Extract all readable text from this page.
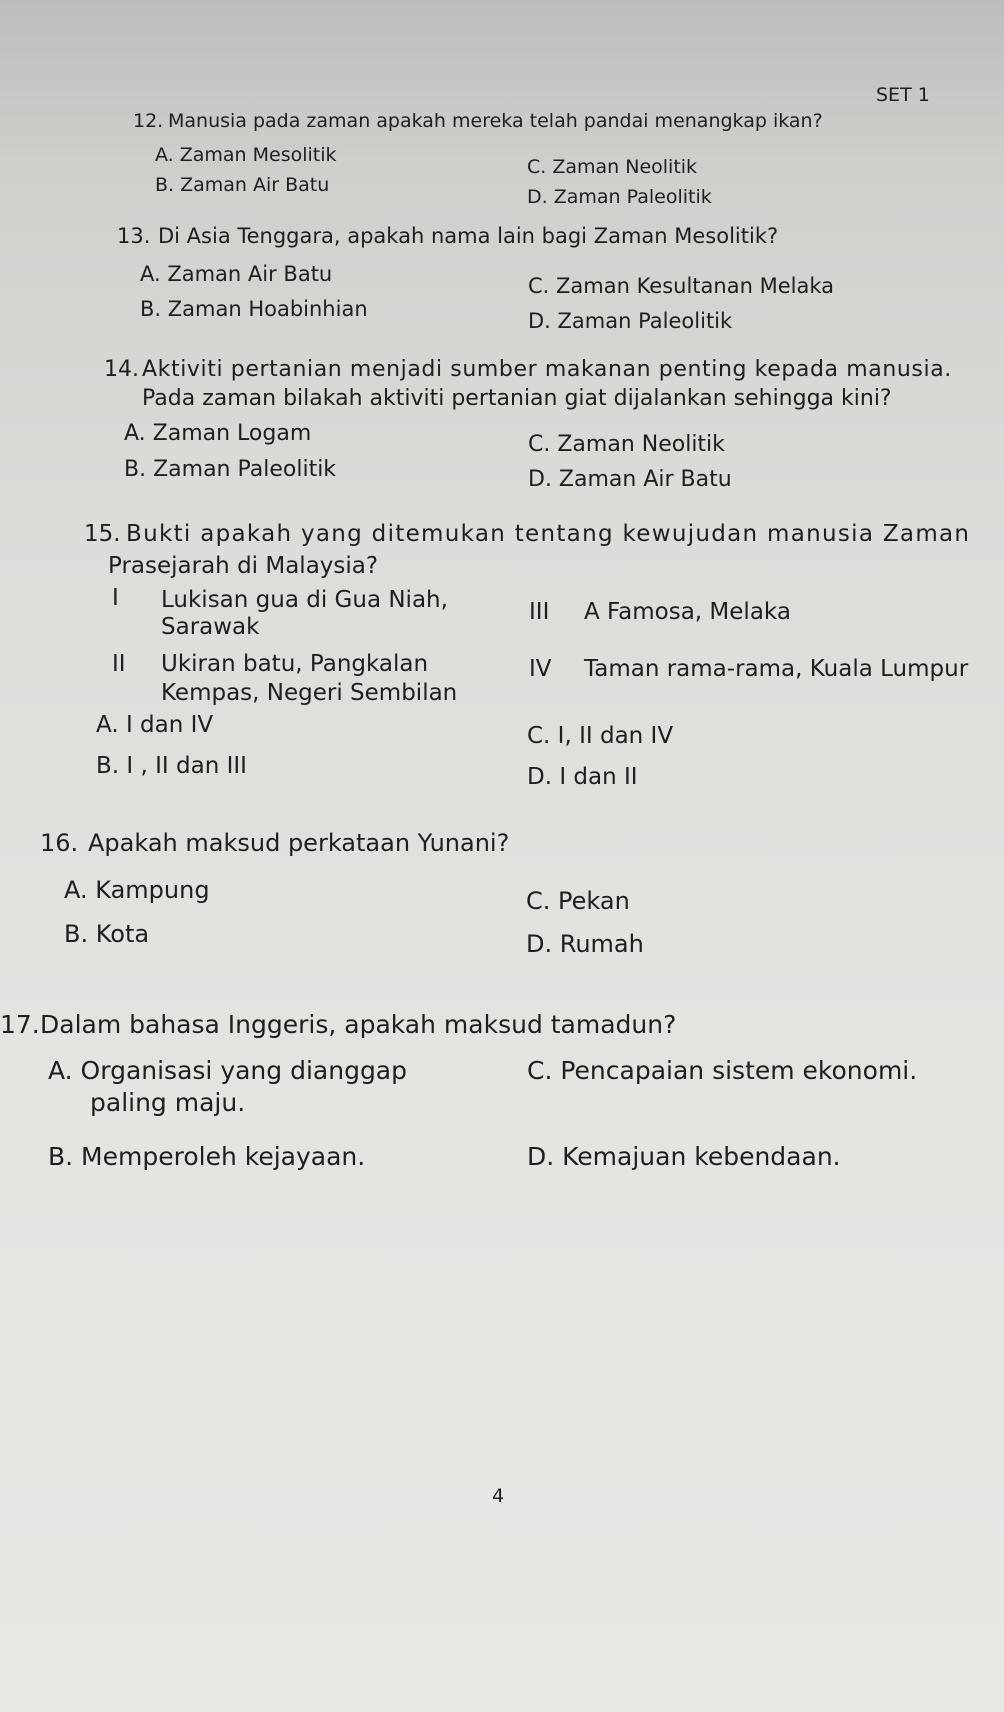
SET 1
12. Manusia pada zaman apakah mereka telah pandai menangkap ikan?
A. Zaman Mesolitik
B. Zaman Air Batu
C. Zaman Neolitik
D. Zaman Paleolitik
13. Di Asia Tenggara, apakah nama lain bagi Zaman Mesolitik?
A. Zaman Air Batu
B. Zaman Hoabinhian
C. Zaman Kesultanan Melaka
D. Zaman Paleolitik
14. Aktiviti pertanian menjadi sumber makanan penting kepada manusia.
Pada zaman bilakah aktiviti pertanian giat dijalankan sehingga kini?
A. Zaman Logam
B. Zaman Paleolitik
C. Zaman Neolitik
D. Zaman Air Batu
15. Bukti apakah yang ditemukan tentang kewujudan manusia Zaman
Prasejarah di Malaysia?
I Lukisan gua di Gua Niah,
Sarawak
II Ukiran batu, Pangkalan
Kempas, Negeri Sembilan
III A Famosa, Melaka
IV Taman rama-rama, Kuala Lumpur
A. I dan IV
B. I , II dan III
C. I, II dan IV
D. I dan II
16. Apakah maksud perkataan Yunani?
A. Kampung
B. Kota
C. Pekan
D. Rumah
17. Dalam bahasa Inggeris, apakah maksud tamadun?
A. Organisasi yang dianggap
paling maju.
B. Memperoleh kejayaan.
C. Pencapaian sistem ekonomi.
D. Kemajuan kebendaan.
4
